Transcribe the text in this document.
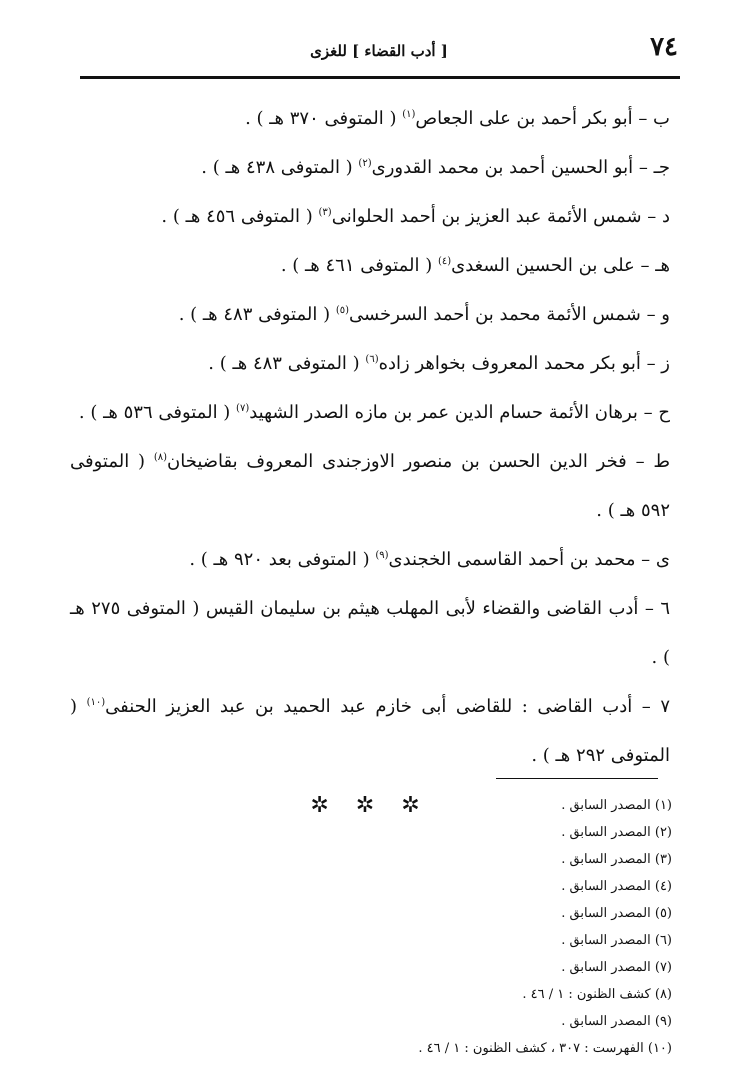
٧٤
[ أدب القضاء ] للغزى

ب – أبو بكر أحمد بن على الجعاص$^{(١)}$ ( المتوفى ٣٧٠ هـ ) .

جـ – أبو الحسين أحمد بن محمد القدورى$^{(٢)}$ ( المتوفى ٤٣٨ هـ ) .

د – شمس الأئمة عبد العزيز بن أحمد الحلوانى$^{(٣)}$ ( المتوفى ٤٥٦ هـ ) .

هـ – على بن الحسين السغدى$^{(٤)}$ ( المتوفى ٤٦١ هـ ) .

و – شمس الأئمة محمد بن أحمد السرخسى$^{(٥)}$ ( المتوفى ٤٨٣ هـ ) .

ز – أبو بكر محمد المعروف بخواهر زاده$^{(٦)}$ ( المتوفى ٤٨٣ هـ ) .

ح – برهان الأئمة حسام الدين عمر بن مازه الصدر الشهيد$^{(٧)}$ ( المتوفى ٥٣٦ هـ ) .

ط – فخر الدين الحسن بن منصور الاوزجندى المعروف بقاضيخان$^{(٨)}$ ( المتوفى ٥٩٢ هـ ) .

ى – محمد بن أحمد القاسمى الخجندى$^{(٩)}$ ( المتوفى بعد ٩٢٠ هـ ) .

٦ – أدب القاضى والقضاء لأبى المهلب هيثم بن سليمان القيس ( المتوفى ٢٧٥ هـ ) .

٧ – أدب القاضى : للقاضى أبى خازم عبد الحميد بن عبد العزيز الحنفى$^{(١٠)}$ ( المتوفى ٢٩٢ هـ ) .

✲ ✲ ✲	(١) المصدر السابق .

(٢) المصدر السابق .

(٣) المصدر السابق .

(٤) المصدر السابق .

(٥) المصدر السابق .

(٦) المصدر السابق .

(٧) المصدر السابق .

(٨) كشف الظنون : ١ / ٤٦ .

(٩) المصدر السابق .

(١٠) الفهرست : ٣٠٧ ، كشف الظنون : ١ / ٤٦ .
